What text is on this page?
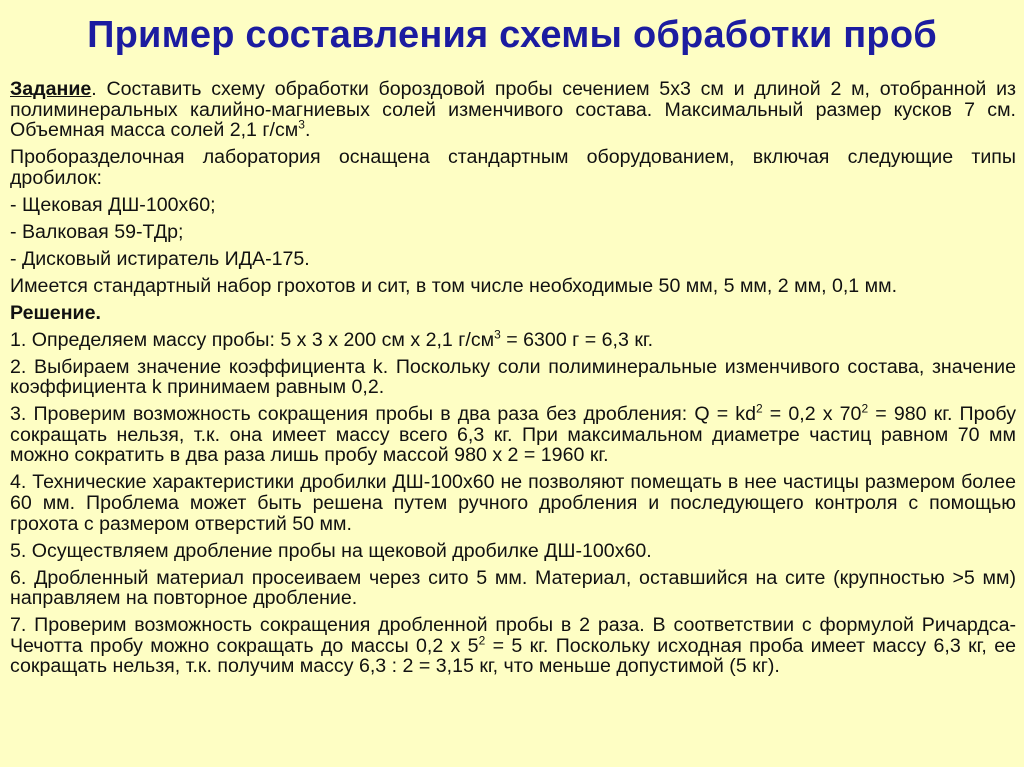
Пример составления схемы обработки проб

Задание. Составить схему обработки бороздовой пробы сечением 5х3 см и длиной 2 м, отобранной из полиминеральных калийно-магниевых солей изменчивого состава. Максимальный размер кусков 7 см. Объемная масса солей 2,1 $г/см^3$.

Проборазделочная лаборатория оснащена стандартным оборудованием, включая следующие типы дробилок:

- Щековая ДШ-100х60;

- Валковая 59-ТДр;

- Дисковый истиратель ИДА-175.

Имеется стандартный набор грохотов и сит, в том числе необходимые 50 мм, 5 мм, 2 мм, 0,1 мм.

Решение.

1. Определяем массу пробы: 5 х 3 х 200 см х 2,1 $г/см^3 = 6300$ г = 6,3 кг.

2. Выбираем значение коэффициента k. Поскольку соли полиминеральные изменчивого состава, значение коэффициента k принимаем равным 0,2.

3. Проверим возможность сокращения пробы в два раза без дробления: $Q = kd^2 = 0,2$ х $70^2 = 980$ кг. Пробу сокращать нельзя, т.к. она имеет массу всего 6,3 кг. При максимальном диаметре частиц равном 70 мм можно сократить в два раза лишь пробу массой 980 х 2 = 1960 кг.

4. Технические характеристики дробилки ДШ-100х60 не позволяют помещать в нее частицы размером более 60 мм. Проблема может быть решена путем ручного дробления и последующего контроля с помощью грохота с размером отверстий 50 мм.

5. Осуществляем дробление пробы на щековой дробилке ДШ-100х60.

6. Дробленный материал просеиваем через сито 5 мм. Материал, оставшийся на сите (крупностью >5 мм) направляем на повторное дробление.

7. Проверим возможность сокращения дробленной пробы в 2 раза. В соответствии с формулой Ричардса-Чечотта пробу можно сокращать до массы 0,2 х $5^2 = 5$ кг. Поскольку исходная проба имеет массу 6,3 кг, ее сокращать нельзя, т.к. получим массу 6,3 : 2 = 3,15 кг, что меньше допустимой (5 кг).
